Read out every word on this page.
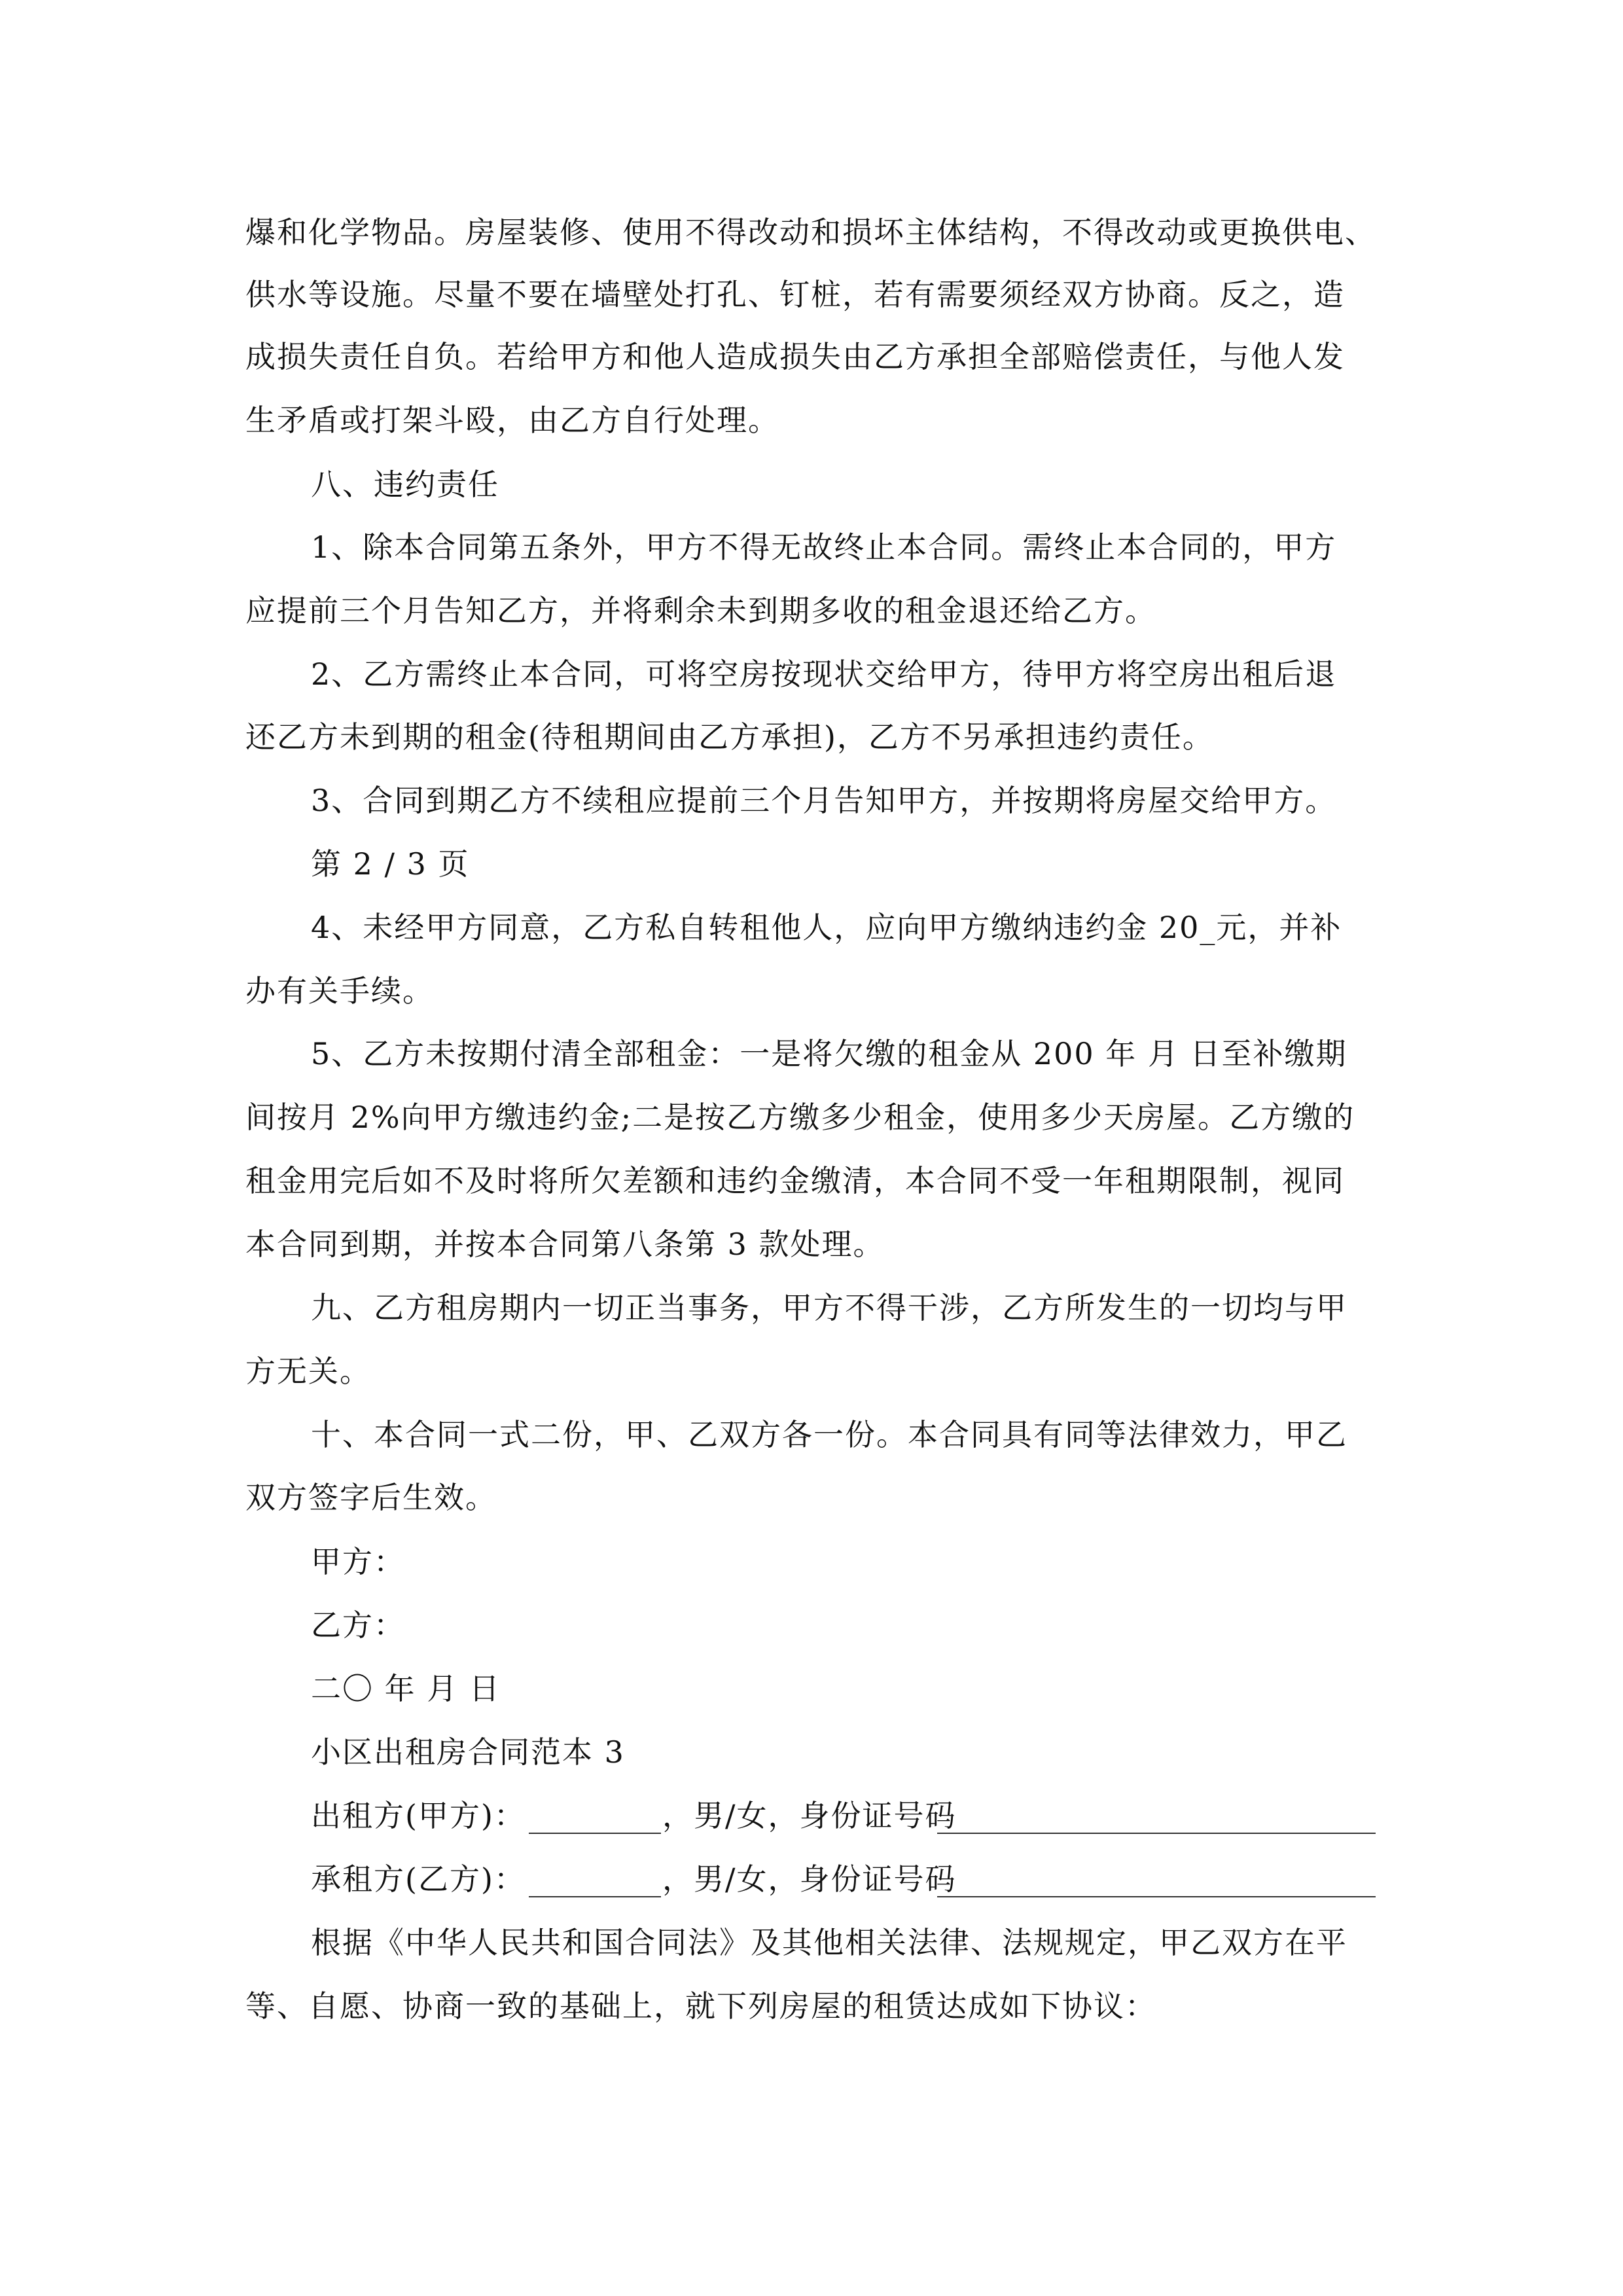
爆和化学物品。房屋装修、使用不得改动和损坏主体结构，不得改动或更换供电、

供水等设施。尽量不要在墙壁处打孔、钉桩，若有需要须经双方协商。反之，造

成损失责任自负。若给甲方和他人造成损失由乙方承担全部赔偿责任，与他人发

生矛盾或打架斗殴，由乙方自行处理。

八、违约责任

1、除本合同第五条外，甲方不得无故终止本合同。需终止本合同的，甲方

应提前三个月告知乙方，并将剩余未到期多收的租金退还给乙方。

2、乙方需终止本合同，可将空房按现状交给甲方，待甲方将空房出租后退

还乙方未到期的租金(待租期间由乙方承担)，乙方不另承担违约责任。

3、合同到期乙方不续租应提前三个月告知甲方，并按期将房屋交给甲方。

第 2 / 3 页

4、未经甲方同意，乙方私自转租他人，应向甲方缴纳违约金 20_元，并补

办有关手续。

5、乙方未按期付清全部租金：一是将欠缴的租金从 200 年 月 日至补缴期

间按月 2%向甲方缴违约金;二是按乙方缴多少租金，使用多少天房屋。乙方缴的

租金用完后如不及时将所欠差额和违约金缴清，本合同不受一年租期限制，视同

本合同到期，并按本合同第八条第 3 款处理。

九、乙方租房期内一切正当事务，甲方不得干涉，乙方所发生的一切均与甲

方无关。

十、本合同一式二份，甲、乙双方各一份。本合同具有同等法律效力，甲乙

双方签字后生效。

甲方：

乙方：

二〇 年 月 日

小区出租房合同范本 3

出租方(甲方)：	，男/女，身份证号码

承租方(乙方)：	，男/女，身份证号码

根据《中华人民共和国合同法》及其他相关法律、法规规定，甲乙双方在平

等、自愿、协商一致的基础上，就下列房屋的租赁达成如下协议：
